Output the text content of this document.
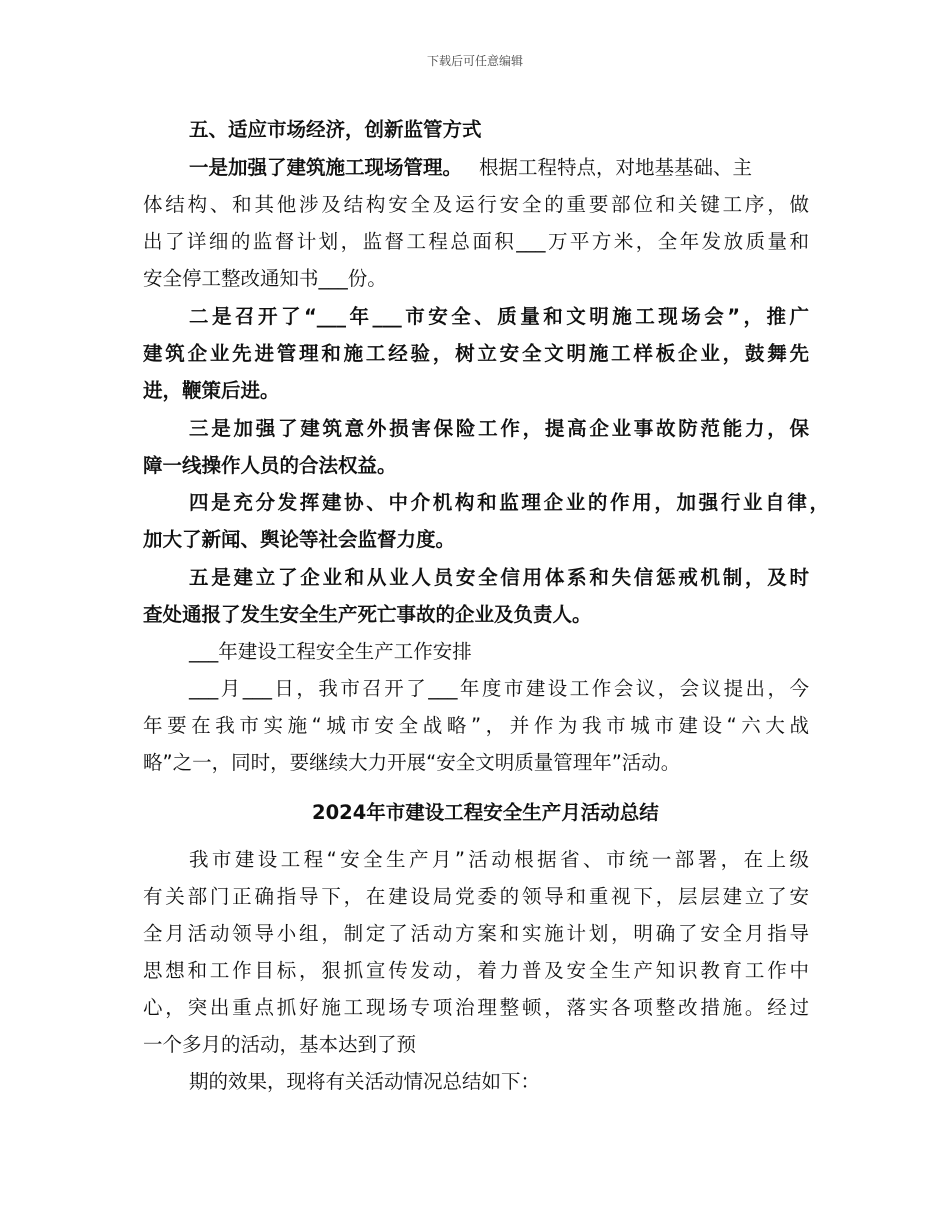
下载后可任意编辑
五、适应市场经济，创新监管方式
一是加强了建筑施工现场管理。 根据工程特点，对地基基础、主
体结构、和其他涉及结构安全及运行安全的重要部位和关键工序，做
出了详细的监督计划，监督工程总面积___万平方米，全年发放质量和
安全停工整改通知书___份。
二是召开了“___年___市安全、质量和文明施工现场会”，推广
建筑企业先进管理和施工经验，树立安全文明施工样板企业，鼓舞先
进，鞭策后进。
三是加强了建筑意外损害保险工作，提高企业事故防范能力，保
障一线操作人员的合法权益。
四是充分发挥建协、中介机构和监理企业的作用，加强行业自律，
加大了新闻、舆论等社会监督力度。
五是建立了企业和从业人员安全信用体系和失信惩戒机制，及时
查处通报了发生安全生产死亡事故的企业及负责人。
___年建设工程安全生产工作安排
___月___日，我市召开了___年度市建设工作会议，会议提出，今
年要在我市实施“城市安全战略”，并作为我市城市建设“六大战
略”之一，同时，要继续大力开展“安全文明质量管理年”活动。
2024年市建设工程安全生产月活动总结
我市建设工程“安全生产月”活动根据省、市统一部署，在上级
有关部门正确指导下，在建设局党委的领导和重视下，层层建立了安
全月活动领导小组，制定了活动方案和实施计划，明确了安全月指导
思想和工作目标，狠抓宣传发动，着力普及安全生产知识教育工作中
心，突出重点抓好施工现场专项治理整顿，落实各项整改措施。经过
一个多月的活动，基本达到了预
期的效果，现将有关活动情况总结如下：
